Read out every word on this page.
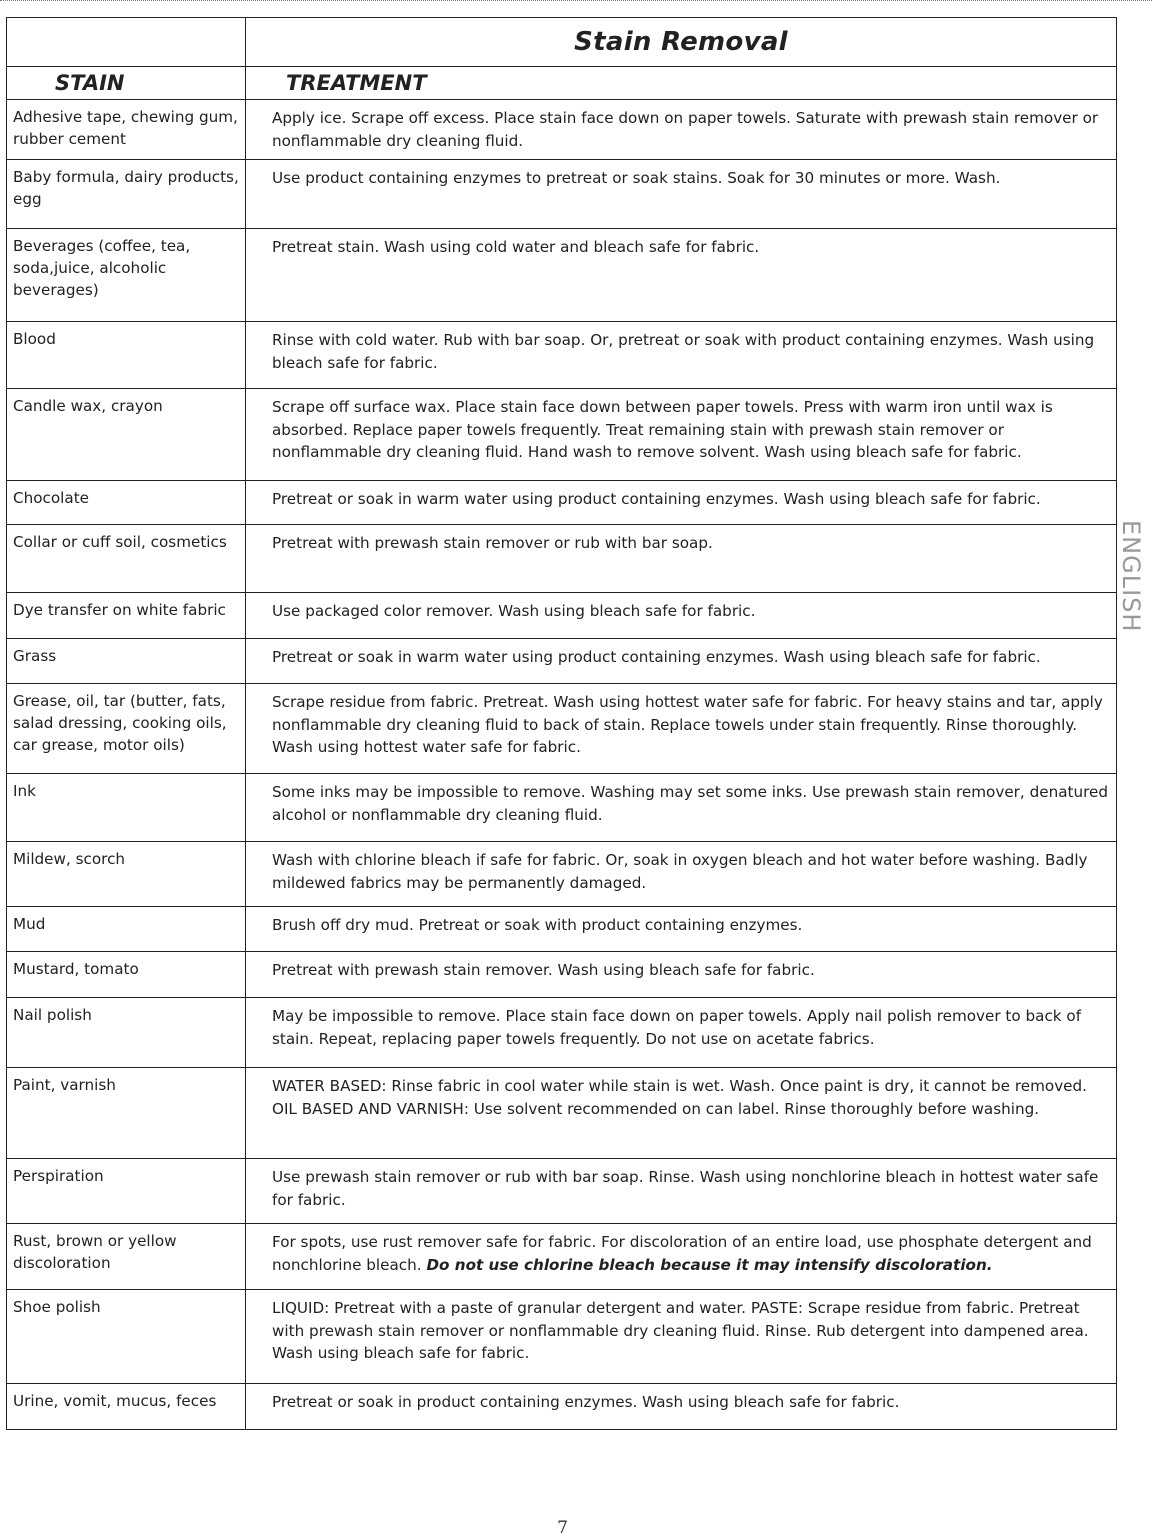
	Stain Removal
STAIN	TREATMENT
Adhesive tape, chewing gum, rubber cement	Apply ice. Scrape off excess. Place stain face down on paper towels. Saturate with prewash stain remover or nonflammable dry cleaning fluid.
Baby formula, dairy products, egg	Use product containing enzymes to pretreat or soak stains. Soak for 30 minutes or more. Wash.
Beverages (coffee, tea, soda,juice, alcoholic beverages)	Pretreat stain. Wash using cold water and bleach safe for fabric.
Blood	Rinse with cold water. Rub with bar soap. Or, pretreat or soak with product containing enzymes. Wash using bleach safe for fabric.
Candle wax, crayon	Scrape off surface wax. Place stain face down between paper towels. Press with warm iron until wax is absorbed. Replace paper towels frequently. Treat remaining stain with prewash stain remover or nonflammable dry cleaning fluid. Hand wash to remove solvent. Wash using bleach safe for fabric.
Chocolate	Pretreat or soak in warm water using product containing enzymes. Wash using bleach safe for fabric.
Collar or cuff soil, cosmetics	Pretreat with prewash stain remover or rub with bar soap.
Dye transfer on white fabric	Use packaged color remover. Wash using bleach safe for fabric.
Grass	Pretreat or soak in warm water using product containing enzymes. Wash using bleach safe for fabric.
Grease, oil, tar (butter, fats, salad dressing, cooking oils, car grease, motor oils)	Scrape residue from fabric. Pretreat. Wash using hottest water safe for fabric. For heavy stains and tar, apply nonflammable dry cleaning fluid to back of stain. Replace towels under stain frequently. Rinse thoroughly. Wash using hottest water safe for fabric.
Ink	Some inks may be impossible to remove. Washing may set some inks. Use prewash stain remover, denatured alcohol or nonflammable dry cleaning fluid.
Mildew, scorch	Wash with chlorine bleach if safe for fabric. Or, soak in oxygen bleach and hot water before washing. Badly mildewed fabrics may be permanently damaged.
Mud	Brush off dry mud. Pretreat or soak with product containing enzymes.
Mustard, tomato	Pretreat with prewash stain remover. Wash using bleach safe for fabric.
Nail polish	May be impossible to remove. Place stain face down on paper towels. Apply nail polish remover to back of stain. Repeat, replacing paper towels frequently. Do not use on acetate fabrics.
Paint, varnish	WATER BASED: Rinse fabric in cool water while stain is wet. Wash. Once paint is dry, it cannot be removed. OIL BASED AND VARNISH: Use solvent recommended on can label. Rinse thoroughly before washing.
Perspiration	Use prewash stain remover or rub with bar soap. Rinse. Wash using nonchlorine bleach in hottest water safe for fabric.
Rust, brown or yellow discoloration	For spots, use rust remover safe for fabric. For discoloration of an entire load, use phosphate detergent and nonchlorine bleach. Do not use chlorine bleach because it may intensify discoloration.
Shoe polish	LIQUID: Pretreat with a paste of granular detergent and water. PASTE: Scrape residue from fabric. Pretreat with prewash stain remover or nonflammable dry cleaning fluid. Rinse. Rub detergent into dampened area. Wash using bleach safe for fabric.
Urine, vomit, mucus, feces	Pretreat or soak in product containing enzymes. Wash using bleach safe for fabric.
ENGLISH
7
